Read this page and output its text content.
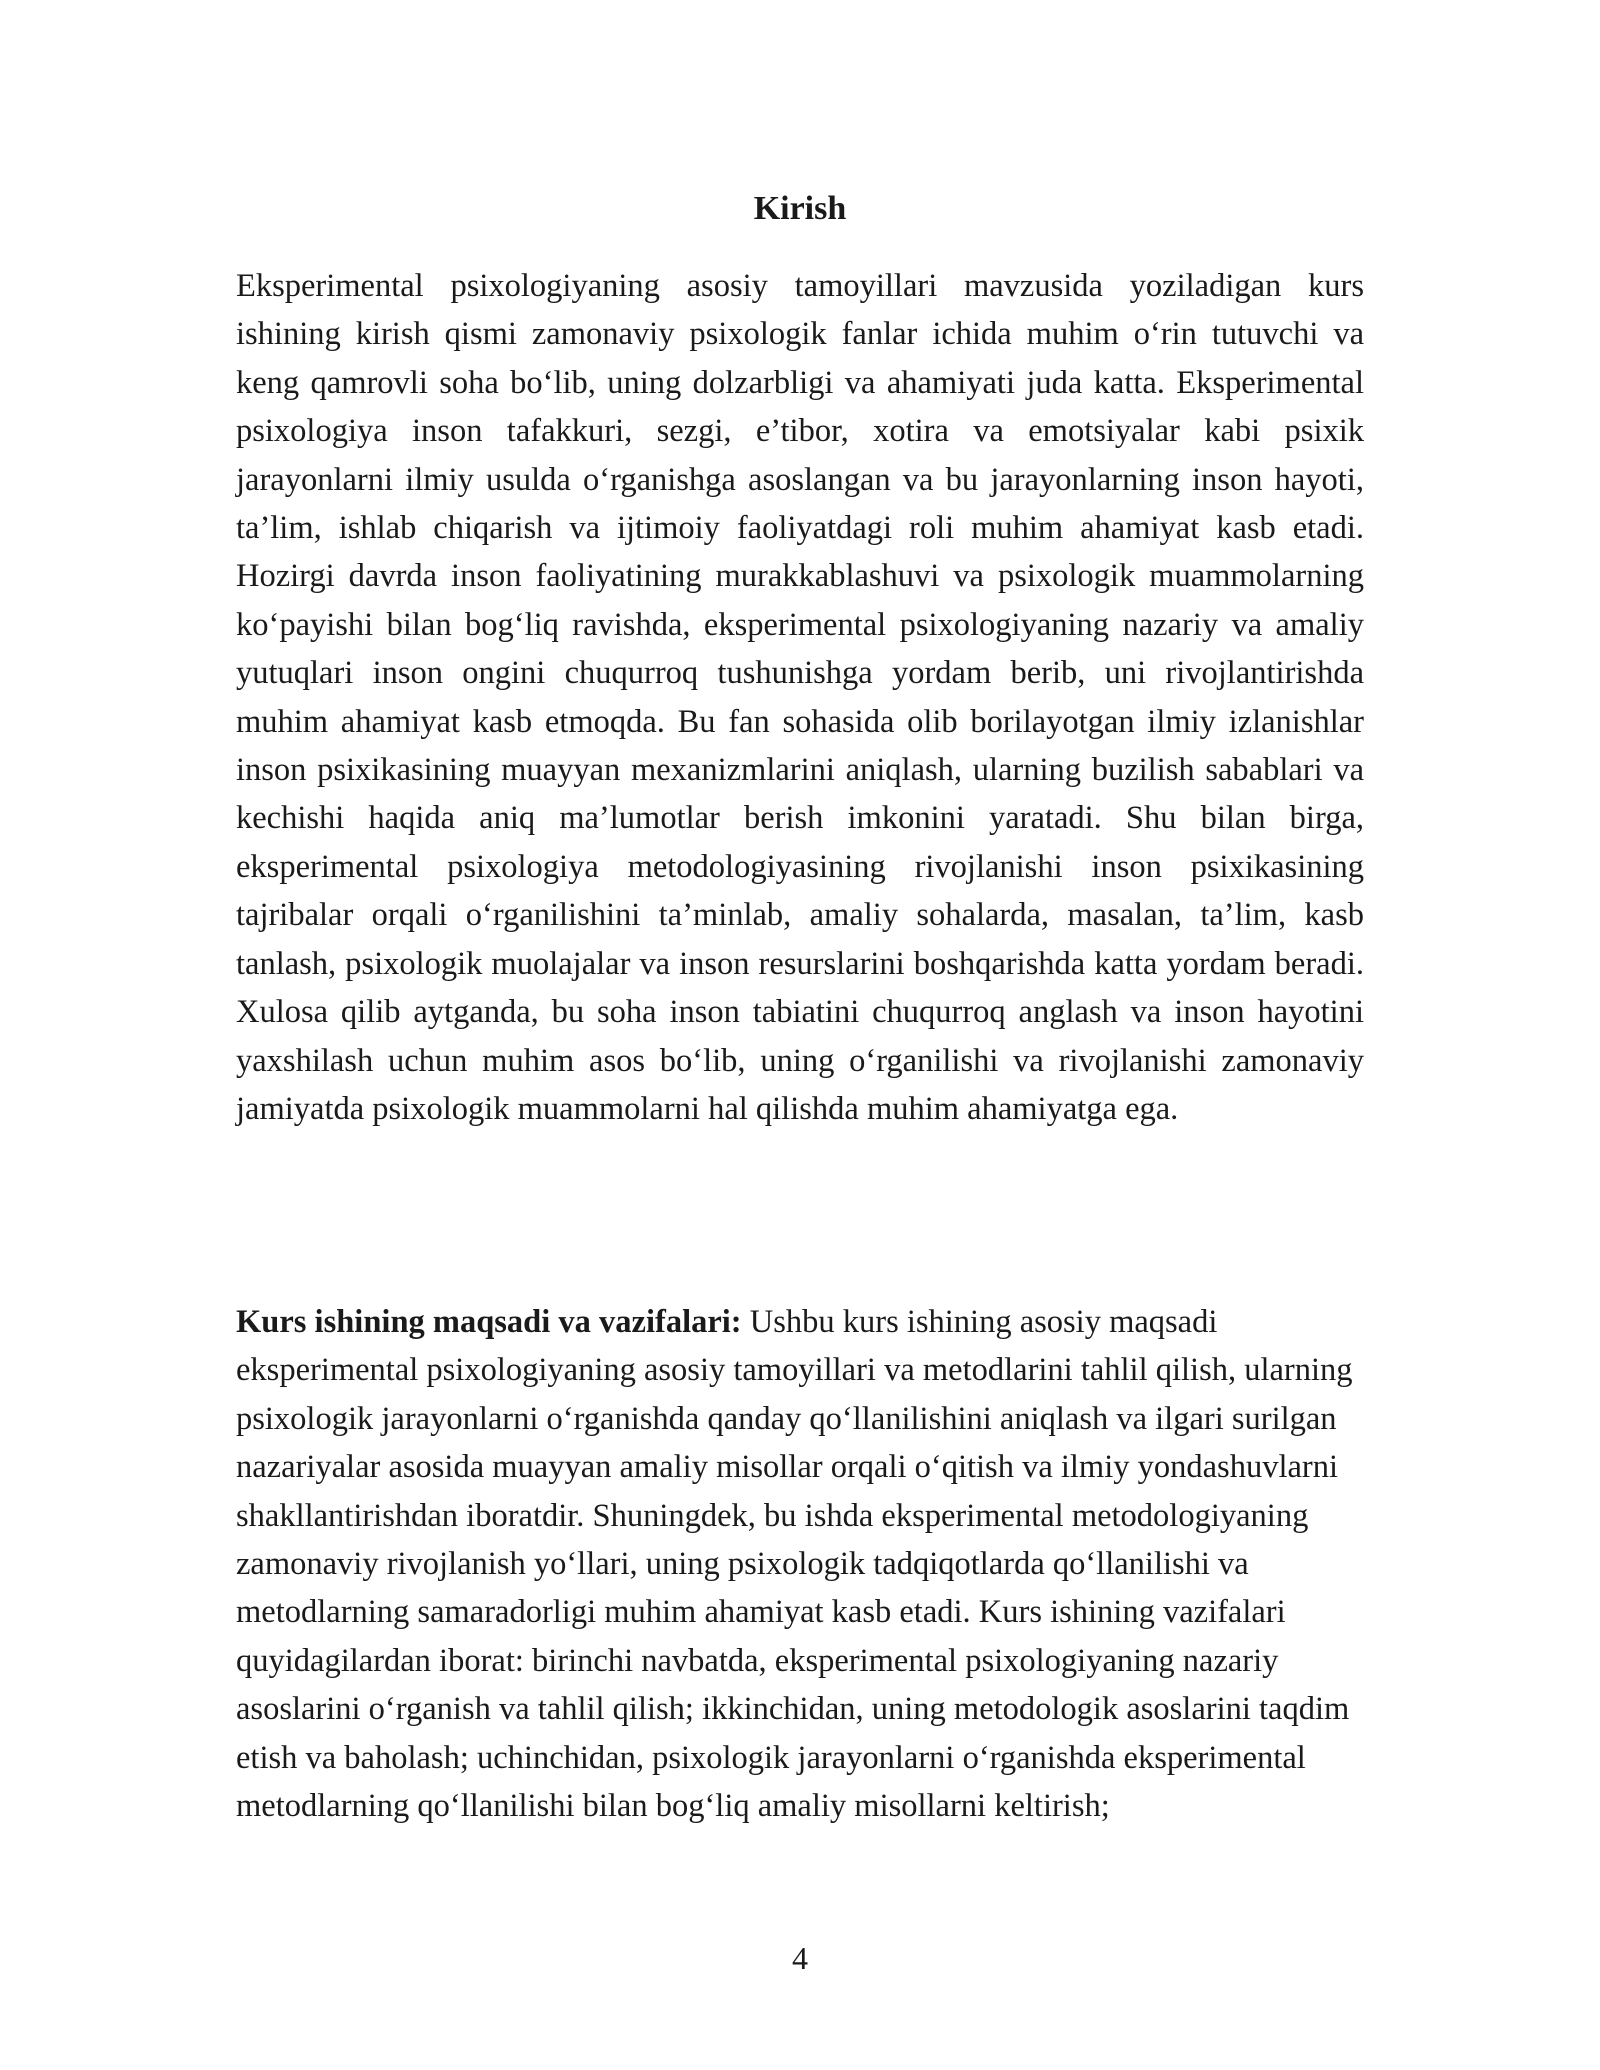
Kirish

Eksperimental psixologiyaning asosiy tamoyillari mavzusida yoziladigan kurs ishining kirish qismi zamonaviy psixologik fanlar ichida muhim o‘rin tutuvchi va keng qamrovli soha bo‘lib, uning dolzarbligi va ahamiyati juda katta. Eksperimental psixologiya inson tafakkuri, sezgi, e’tibor, xotira va emotsiyalar kabi psixik jarayonlarni ilmiy usulda o‘rganishga asoslangan va bu jarayonlarning inson hayoti, ta’lim, ishlab chiqarish va ijtimoiy faoliyatdagi roli muhim ahamiyat kasb etadi. Hozirgi davrda inson faoliyatining murakkablashuvi va psixologik muammolarning ko‘payishi bilan bog‘liq ravishda, eksperimental psixologiyaning nazariy va amaliy yutuqlari inson ongini chuqurroq tushunishga yordam berib, uni rivojlantirishda muhim ahamiyat kasb etmoqda. Bu fan sohasida olib borilayotgan ilmiy izlanishlar inson psixikasining muayyan mexanizmlarini aniqlash, ularning buzilish sabablari va kechishi haqida aniq ma’lumotlar berish imkonini yaratadi. Shu bilan birga, eksperimental psixologiya metodologiyasining rivojlanishi inson psixikasining tajribalar orqali o‘rganilishini ta’minlab, amaliy sohalarda, masalan, ta’lim, kasb tanlash, psixologik muolajalar va inson resurslarini boshqarishda katta yordam beradi. Xulosa qilib aytganda, bu soha inson tabiatini chuqurroq anglash va inson hayotini yaxshilash uchun muhim asos bo‘lib, uning o‘rganilishi va rivojlanishi zamonaviy jamiyatda psixologik muammolarni hal qilishda muhim ahamiyatga ega.

Kurs ishining maqsadi va vazifalari: Ushbu kurs ishining asosiy maqsadi eksperimental psixologiyaning asosiy tamoyillari va metodlarini tahlil qilish, ularning psixologik jarayonlarni o‘rganishda qanday qo‘llanilishini aniqlash va ilgari surilgan nazariyalar asosida muayyan amaliy misollar orqali o‘qitish va ilmiy yondashuvlarni shakllantirishdan iboratdir. Shuningdek, bu ishda eksperimental metodologiyaning zamonaviy rivojlanish yo‘llari, uning psixologik tadqiqotlarda qo‘llanilishi va metodlarning samaradorligi muhim ahamiyat kasb etadi. Kurs ishining vazifalari quyidagilardan iborat: birinchi navbatda, eksperimental psixologiyaning nazariy asoslarini o‘rganish va tahlil qilish; ikkinchidan, uning metodologik asoslarini taqdim etish va baholash; uchinchidan, psixologik jarayonlarni o‘rganishda eksperimental metodlarning qo‘llanilishi bilan bog‘liq amaliy misollarni keltirish;

4
